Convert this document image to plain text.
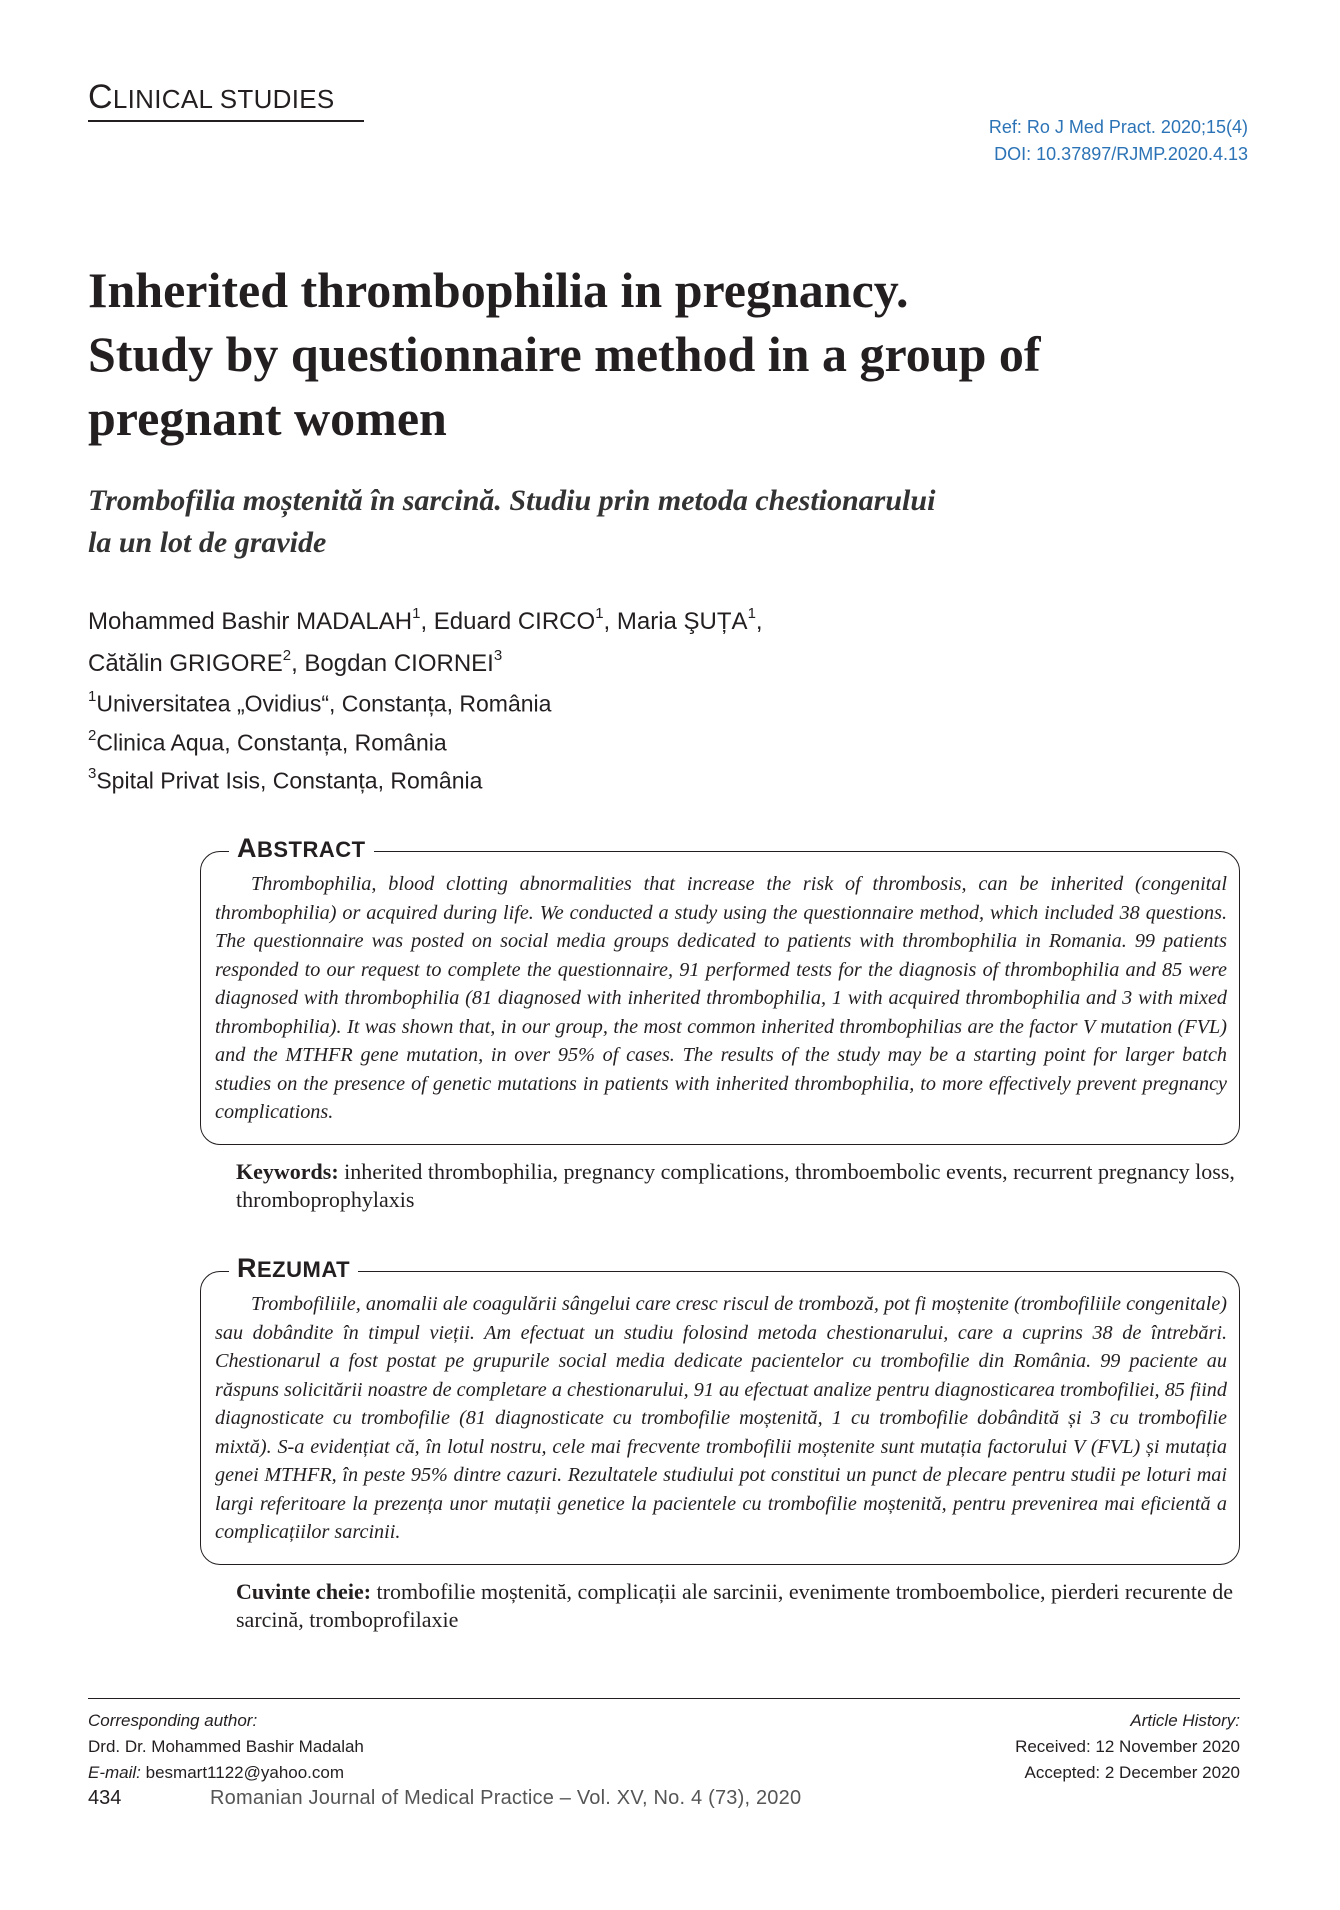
CLINICAL STUDIES
Ref: Ro J Med Pract. 2020;15(4)
DOI: 10.37897/RJMP.2020.4.13
Inherited thrombophilia in pregnancy.
Study by questionnaire method in a group of
pregnant women
Trombofilia moștenită în sarcină. Studiu prin metoda chestionarului
la un lot de gravide
Mohammed Bashir MADALAH$^1$, Eduard CIRCO$^1$, Maria ŞUȚA$^1$,
Cătălin GRIGORE$^2$, Bogdan CIORNEI$^3$
$^1$Universitatea „Ovidius“, Constanța, România
$^2$Clinica Aqua, Constanța, România
$^3$Spital Privat Isis, Constanța, România
ABSTRACT
Thrombophilia, blood clotting abnormalities that increase the risk of thrombosis, can be inherited (congenital thrombophilia) or acquired during life. We conducted a study using the questionnaire method, which included 38 questions. The questionnaire was posted on social media groups dedicated to patients with thrombophilia in Romania. 99 patients responded to our request to complete the questionnaire, 91 performed tests for the diagnosis of thrombophilia and 85 were diagnosed with thrombophilia (81 diagnosed with inherited thrombophilia, 1 with acquired thrombophilia and 3 with mixed thrombophilia). It was shown that, in our group, the most common inherited thrombophilias are the factor V mutation (FVL) and the MTHFR gene mutation, in over 95% of cases. The results of the study may be a starting point for larger batch studies on the presence of genetic mutations in patients with inherited thrombophilia, to more effectively prevent pregnancy complications.
Keywords: inherited thrombophilia, pregnancy complications, thromboembolic events, recurrent pregnancy loss, thromboprophylaxis
REZUMAT
Trombofiliile, anomalii ale coagulării sângelui care cresc riscul de tromboză, pot fi moștenite (trombofiliile congenitale) sau dobândite în timpul vieții. Am efectuat un studiu folosind metoda chestionarului, care a cuprins 38 de întrebări. Chestionarul a fost postat pe grupurile social media dedicate pacientelor cu trombofilie din România. 99 paciente au răspuns solicitării noastre de completare a chestionarului, 91 au efectuat analize pentru diagnosticarea trombofiliei, 85 fiind diagnosticate cu trombofilie (81 diagnosticate cu trombofilie moștenită, 1 cu trombofilie dobândită și 3 cu trombofilie mixtă). S-a evidențiat că, în lotul nostru, cele mai frecvente trombofilii moștenite sunt mutația factorului V (FVL) și mutația genei MTHFR, în peste 95% dintre cazuri. Rezultatele studiului pot constitui un punct de plecare pentru studii pe loturi mai largi referitoare la prezența unor mutații genetice la pacientele cu trombofilie moștenită, pentru prevenirea mai eficientă a complicațiilor sarcinii.
Cuvinte cheie: trombofilie moștenită, complicații ale sarcinii, evenimente tromboembolice, pierderi recurente de sarcină, tromboprofilaxie
Corresponding author:
Drd. Dr. Mohammed Bashir Madalah
E-mail: besmart1122@yahoo.com
Article History:
Received: 12 November 2020
Accepted: 2 December 2020
434	Romanian Journal of Medical Practice – Vol. XV, No. 4 (73), 2020
